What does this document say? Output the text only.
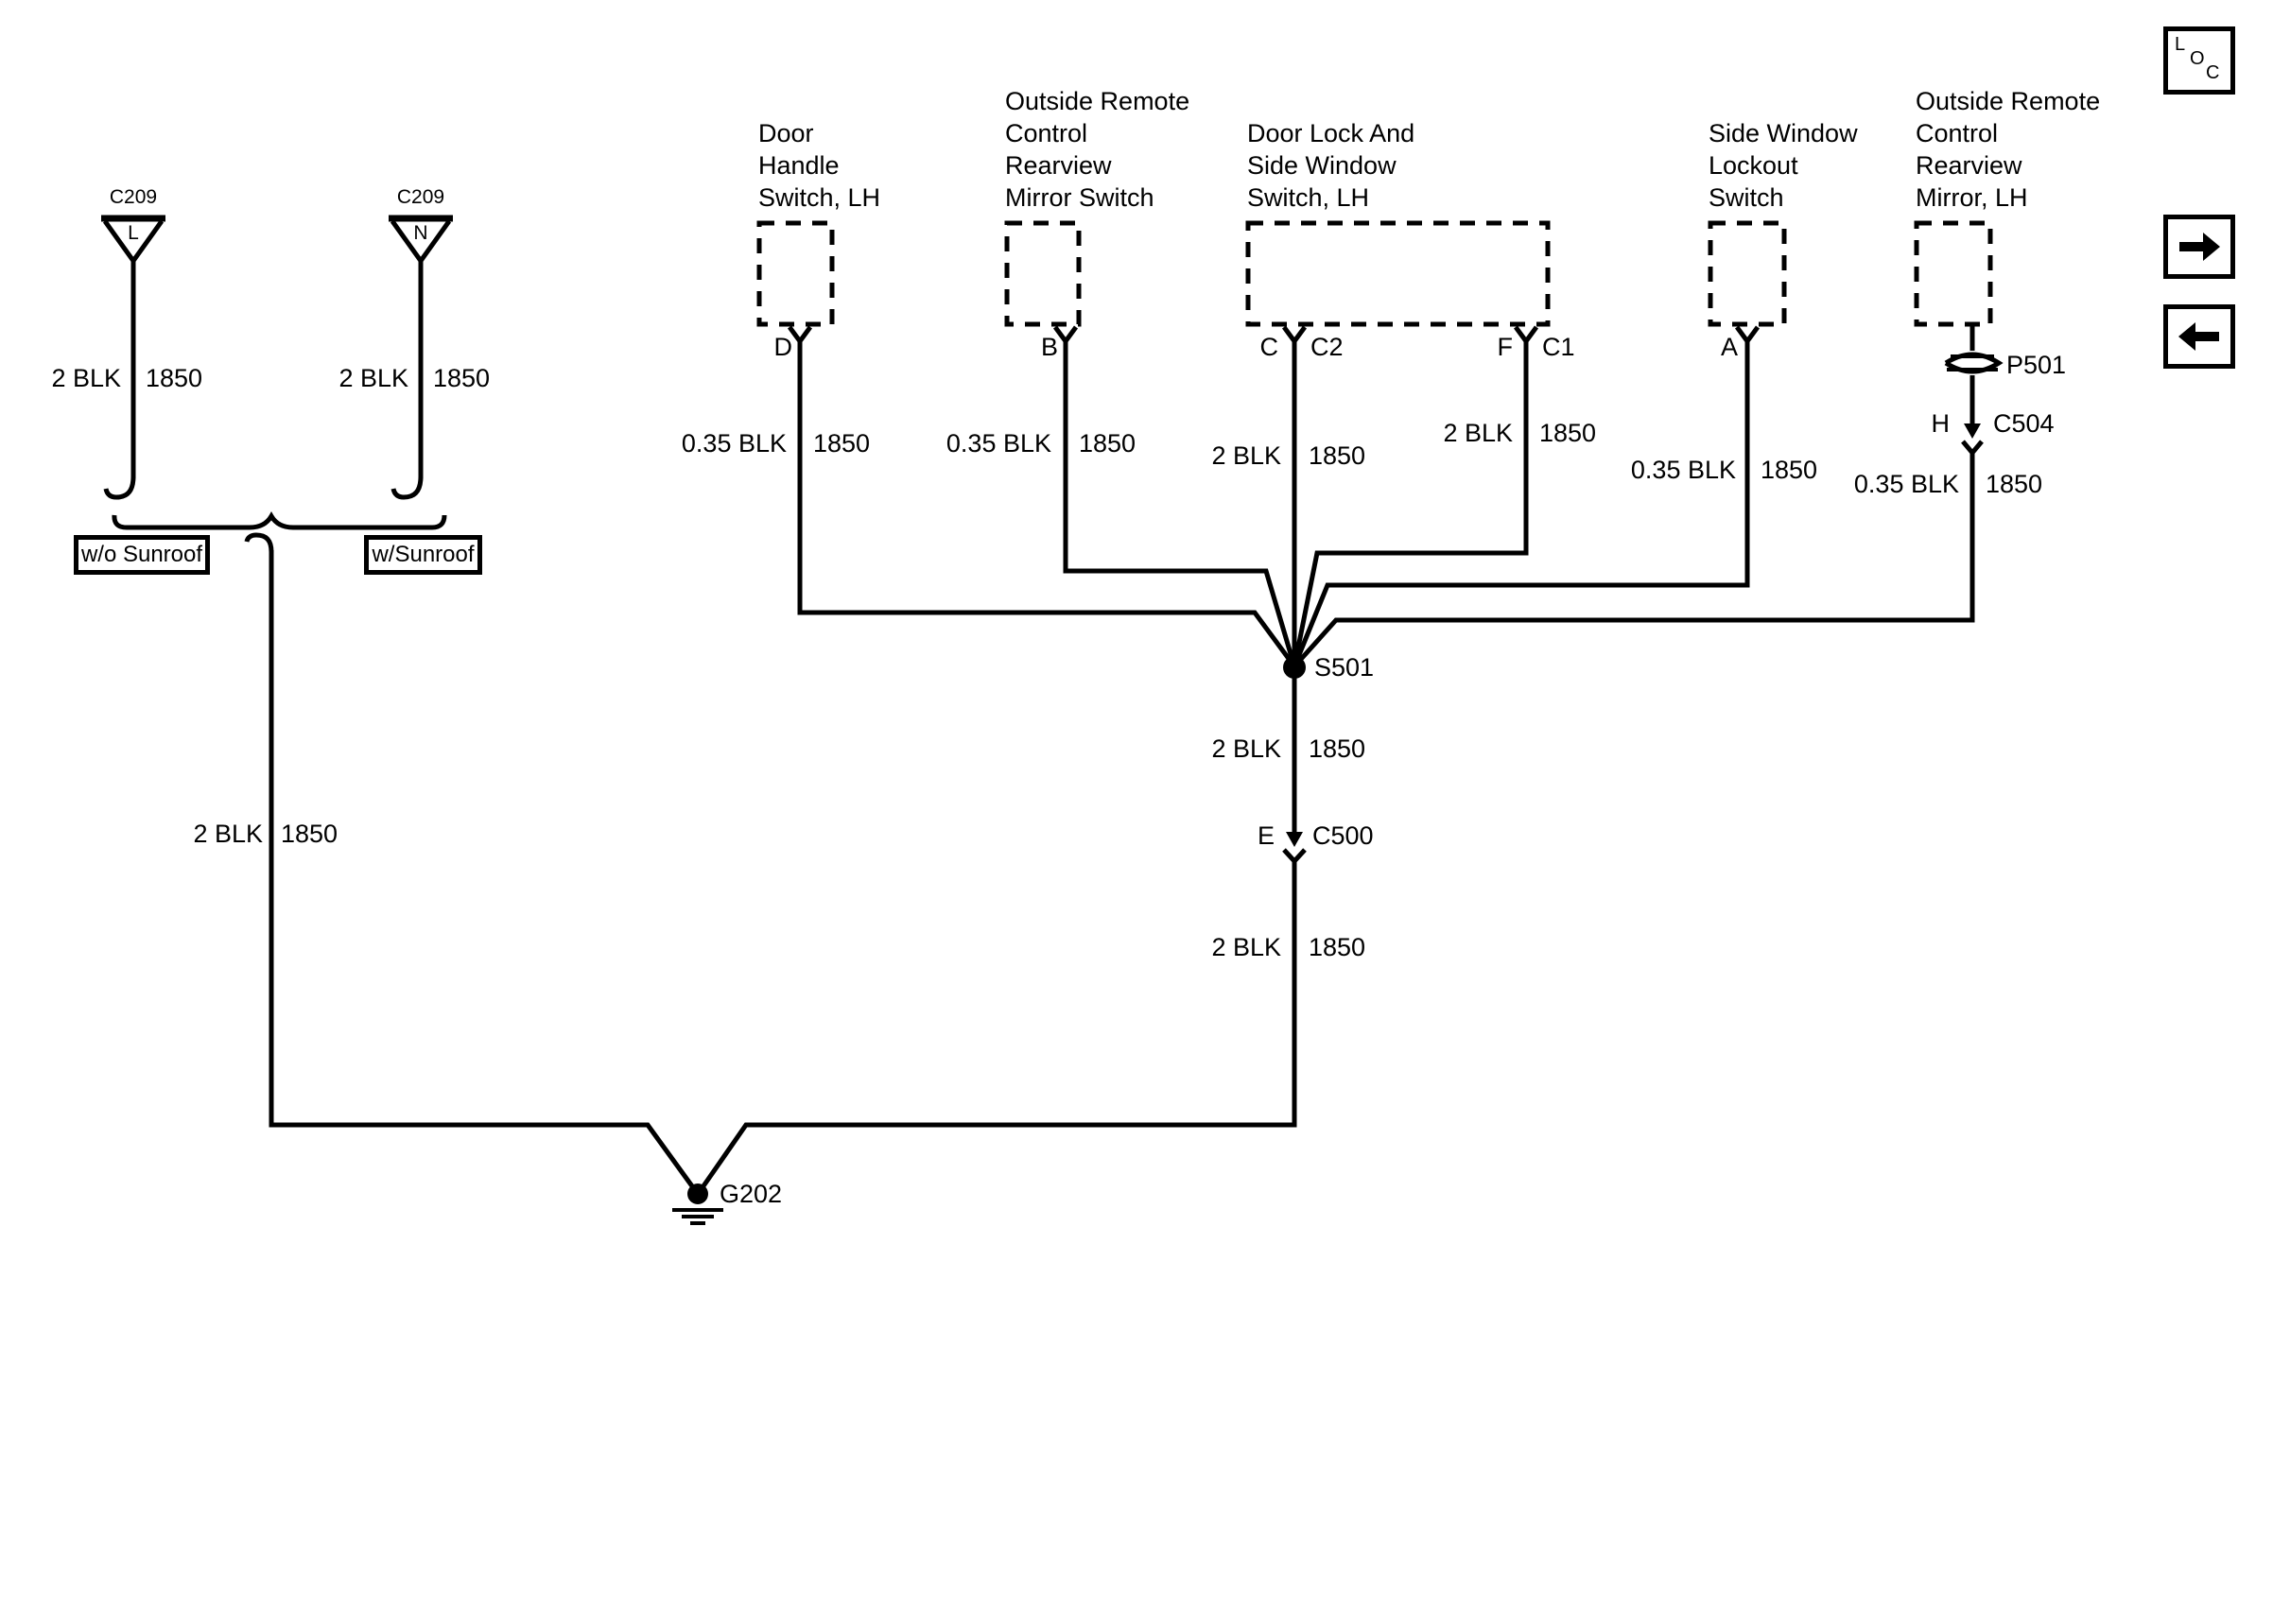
C209
L
C209
N
2 BLK 1850	2 BLK 1850
w/o Sunroof	w/Sunroof
2 BLK 1850
Door
Handle
Switch, LH
Outside Remote
Control
Rearview
Mirror Switch
Door Lock And
Side Window
Switch, LH
Side Window
Lockout
Switch
Outside Remote
Control
Rearview
Mirror, LH
D	B	C C2	F C1	A
0.35 BLK 1850	0.35 BLK 1850	2 BLK 1850
2 BLK 1850
0.35 BLK 1850	0.35 BLK 1850
P501
H C504
S501
2 BLK 1850
E C500
2 BLK 1850
G202
L
O
C
